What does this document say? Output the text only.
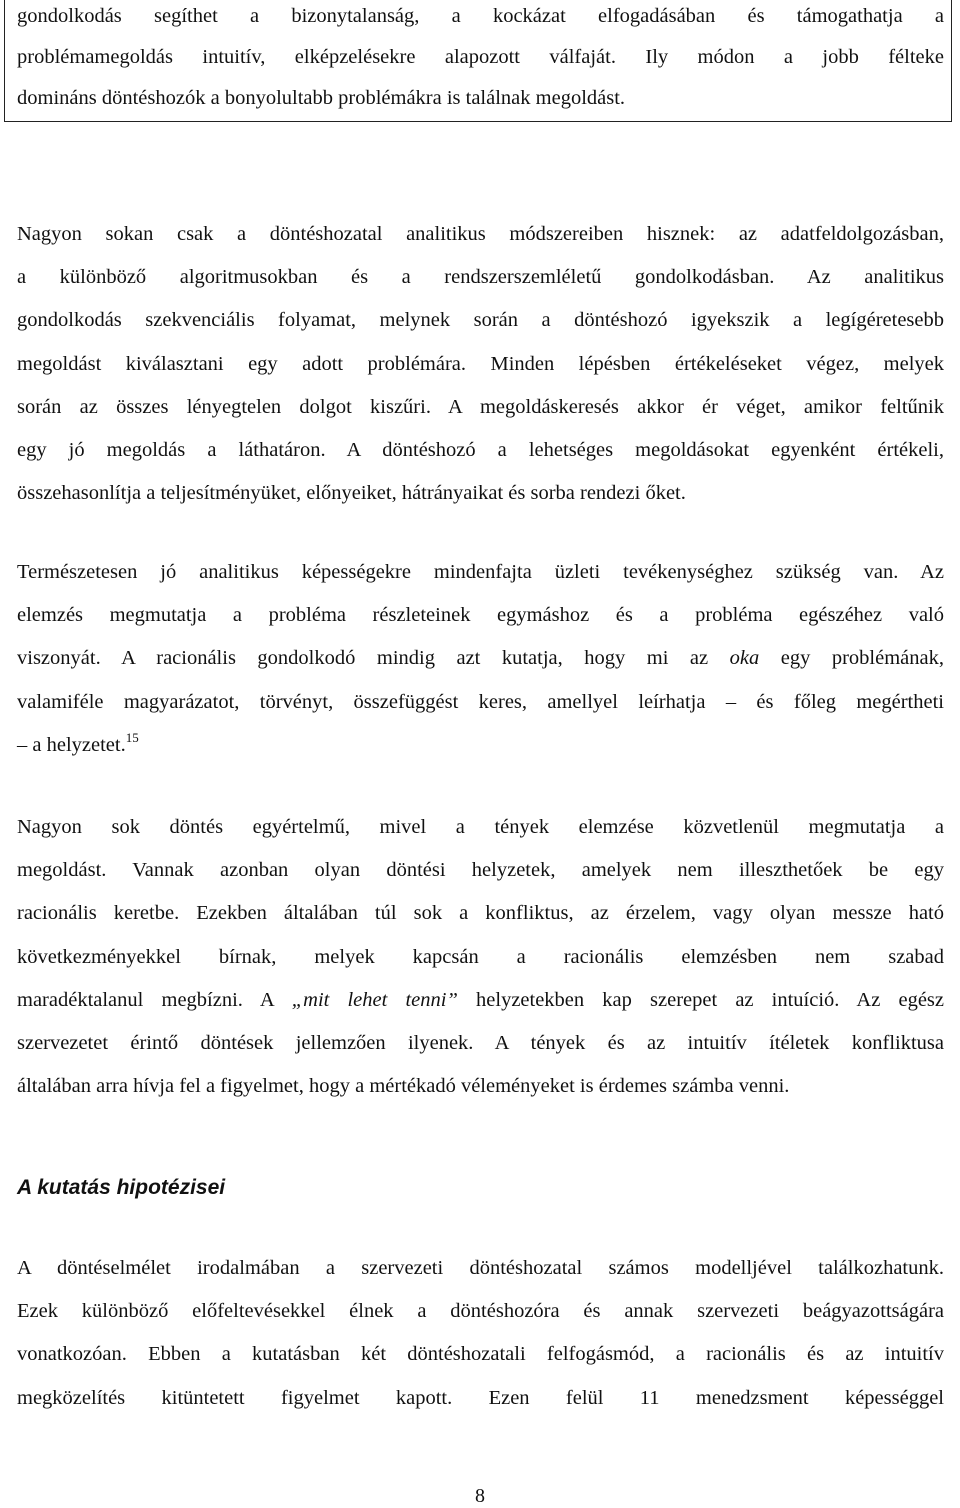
gondolkodás segíthet a bizonytalanság, a kockázat elfogadásában és támogathatja a
problémamegoldás intuitív, elképzelésekre alapozott válfaját. Ily módon a jobb félteke
domináns döntéshozók a bonyolultabb problémákra is találnak megoldást.
Nagyon sokan csak a döntéshozatal analitikus módszereiben hisznek: az adatfeldolgozásban,
a különböző algoritmusokban és a rendszerszemléletű gondolkodásban. Az analitikus
gondolkodás szekvenciális folyamat, melynek során a döntéshozó igyekszik a legígéretesebb
megoldást kiválasztani egy adott problémára. Minden lépésben értékeléseket végez, melyek
során az összes lényegtelen dolgot kiszűri. A megoldáskeresés akkor ér véget, amikor feltűnik
egy jó megoldás a láthatáron. A döntéshozó a lehetséges megoldásokat egyenként értékeli,
összehasonlítja a teljesítményüket, előnyeiket, hátrányaikat és sorba rendezi őket.
Természetesen jó analitikus képességekre mindenfajta üzleti tevékenységhez szükség van. Az
elemzés megmutatja a probléma részleteinek egymáshoz és a probléma egészéhez való
viszonyát. A racionális gondolkodó mindig azt kutatja, hogy mi az oka egy problémának,
valamiféle magyarázatot, törvényt, összefüggést keres, amellyel leírhatja – és főleg megértheti
– a helyzetet.$^{15}$
Nagyon sok döntés egyértelmű, mivel a tények elemzése közvetlenül megmutatja a
megoldást. Vannak azonban olyan döntési helyzetek, amelyek nem illeszthetőek be egy
racionális keretbe. Ezekben általában túl sok a konfliktus, az érzelem, vagy olyan messze ható
következményekkel bírnak, melyek kapcsán a racionális elemzésben nem szabad
maradéktalanul megbízni. A „mit lehet tenni” helyzetekben kap szerepet az intuíció. Az egész
szervezetet érintő döntések jellemzően ilyenek. A tények és az intuitív ítéletek konfliktusa
általában arra hívja fel a figyelmet, hogy a mértékadó véleményeket is érdemes számba venni.
A kutatás hipotézisei
A döntéselmélet irodalmában a szervezeti döntéshozatal számos modelljével találkozhatunk.
Ezek különböző előfeltevésekkel élnek a döntéshozóra és annak szervezeti beágyazottságára
vonatkozóan. Ebben a kutatásban két döntéshozatali felfogásmód, a racionális és az intuitív
megközelítés kitüntetett figyelmet kapott. Ezen felül 11 menedzsment képességgel
8
